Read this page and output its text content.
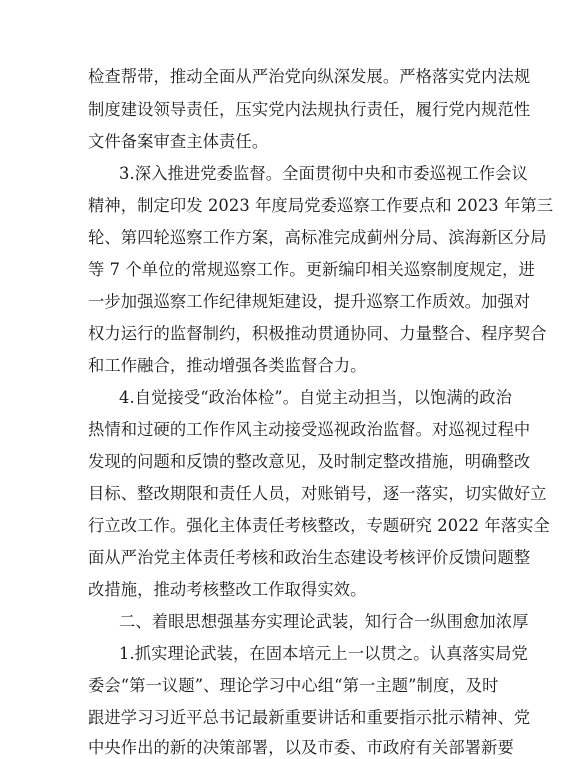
检查帮带，推动全面从严治党向纵深发展。严格落实党内法规
制度建设领导责任，压实党内法规执行责任，履行党内规范性
文件备案审查主体责任。
3.深入推进党委监督。全面贯彻中央和市委巡视工作会议
精神，制定印发 2023 年度局党委巡察工作要点和 2023 年第三
轮、第四轮巡察工作方案，高标准完成蓟州分局、滨海新区分局
等 7 个单位的常规巡察工作。更新编印相关巡察制度规定，进
一步加强巡察工作纪律规矩建设，提升巡察工作质效。加强对
权力运行的监督制约，积极推动贯通协同、力量整合、程序契合
和工作融合，推动增强各类监督合力。
4.自觉接受“政治体检”。自觉主动担当，以饱满的政治
热情和过硬的工作作风主动接受巡视政治监督。对巡视过程中
发现的问题和反馈的整改意见，及时制定整改措施，明确整改
目标、整改期限和责任人员，对账销号，逐一落实，切实做好立
行立改工作。强化主体责任考核整改，专题研究 2022 年落实全
面从严治党主体责任考核和政治生态建设考核评价反馈问题整
改措施，推动考核整改工作取得实效。
二、着眼思想强基夯实理论武装，知行合一纵围愈加浓厚
1.抓实理论武装，在固本培元上一以贯之。认真落实局党
委会“第一议题”、理论学习中心组“第一主题”制度，及时
跟进学习习近平总书记最新重要讲话和重要指示批示精神、党
中央作出的新的决策部署，以及市委、市政府有关部署新要
